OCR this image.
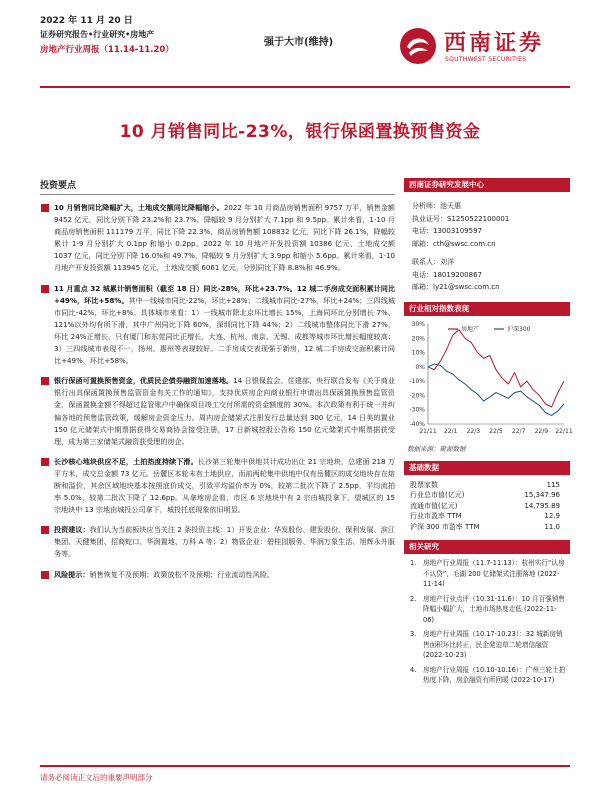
2022 年 11 月 20 日
证券研究报告•行业研究•房地产
房地产行业周报（11.14-11.20）
强于大市(维持)	西南证券
SOUTHWEST SECURITIES
10 月销售同比-23%，银行保函置换预售资金
投资要点
10 月销售同比降幅扩大，土地成交额同比降幅缩小。2022 年 10 月商品房销售面积 9757 万平，销售金额 9452 亿元，同比分别下降 23.2%和 23.7%，降幅较 9 月分别扩大 7.1pp 和 9.5pp。累计来看，1-10 月商品房销售面积 111179 万平，同比下降 22.3%，商品房销售额 108832 亿元，同比下降 26.1%，降幅较累计 1-9 月分别扩大 0.1pp 和缩小 0.2pp。2022 年 10 月地产开发投资额 10386 亿元，土地成交额 1037 亿元，同比分别下降 16.0%和 49.7%，降幅较 9 月分别扩大 3.9pp 和缩小 5.6pp。累计来看，1-10 月地产开发投资额 113945 亿元，土地成交额 6061 亿元，分别同比下降 8.8%和 46.9%。
11 月重点 32 城累计销售面积（截至 18 日）同比-28%，环比+23.7%。12 城二手房成交面积累计同比+49%，环比+58%。其中一线城市同比-22%，环比+28%；二线城市同比-27%，环比+24%；三四线城市同比-42%，环比+8%。具体城市来看：1）一线城市除北京环比增长 15%，上海同环比分别增长 7%、121%以外均有所下滑，其中广州同比下降 60%，深圳同比下降 44%；2）二线城市整体同比下滑 27%，环比 24%正增长，只有厦门和东莞同比正增长，大连、杭州、南京、无锡、成都等城市环比增长幅度较高；3）三四线城市表现不一，扬州、惠州等表现较好。二手房成交表现强于新房，12 城二手房成交面积累计同比+49%，环比+58%。
银行保函可置换预售资金，优质民企债券融资加速落地。14 日银保监会、住建部、央行联合发布《关于商业银行出具保函置换预售监管资金有关工作的通知》，支持优质房企向商业银行申请出具保函置换预售监管资金，保函置换金额不得超过监管账户中确保项目竣工交付所需的资金额度的 30%。本次政策有利于统一并纠偏各地的预售监管政策，缓解房企资金压力。周内房企储架式注册发行总量达到 300 亿元，14 日美的置业 150 亿元储架式中期票据获得交易商协会接受注册，17 日新城控股公告称 150 亿元储架式中期票据获受理，成为第三家储架式融资获受理的房企。
长沙核心地块供应不足，土拍热度持续下滑。长沙第三轮集中供地共计成功出让 21 宗地块，总建面 218 万平方米，成交总金额 73 亿元。岳麓区本轮未有土地供应，而前两轮集中供地中仅有岳麓区的成交地块存在熔断和溢价，其余区域地块基本按照底价成交，引致平均溢价率为 0%，较第二批次下降了 2.5pp，平均流拍率 5.0%，较第二批次下降了 12.6pp。从拿地房企看，市区 6 宗地块中有 2 宗由城投拿下，望城区的 15 宗地块中 13 宗地由城投公司拿下，城投托底现象依旧明显。
投资建议：我们认为当前板块应当关注 2 条投资主线：1）开发企业：华发股份、建发股份、保利发展、滨江集团、天健集团、招商蛇口、华润置地、万科 A 等；2）物管企业：碧桂园服务、华润万象生活、旭辉永升服务等。
风险提示：销售恢复不及预期；政策放松不及预期；行业流动性风险。
西南证券研究发展中心
分析师：池天惠
执业证号：S1250522100001
电话：13003109597
邮箱：cth@swsc.com.cn
联系人：刘洋
电话：18019200867
邮箱：ly21@swsc.com.cn
行业相对指数表现
30%
20%
10%
0%
-10%
-20%
-30%
-40%
21/11 22/1 22/3 22/5 22/7 22/9 22/11
房地产	沪深300
数据来源：聚源数据
基础数据
股票家数	115
行业总市值(亿元)	15,347.96
流通市值(亿元)	14,795.89
行业市盈率 TTM	12.9
沪深 300 市盈率 TTM	11.0
相关研究
1. 房地产行业周报（11.7-11.13）：杭州实行“认房不认贷”，毛湖 200 亿储架式注册落地 (2022-11-14)
2. 房地产行业点评（10.31-11.6）：10 月百强销售降幅小幅扩大，土地市场热度走低 (2022-11-06)
3. 房地产行业周报（10.17-10.23）：32 城新房销售面积环比转正，民企発迫草二轮增信融资 (2022-10-23)
4. 房地产行业周报（10.10-10.16）：广州三轮土拍热度下降，房企融资有所回暖 (2022-10-17)
请务必阅读正文后的重要声明部分
